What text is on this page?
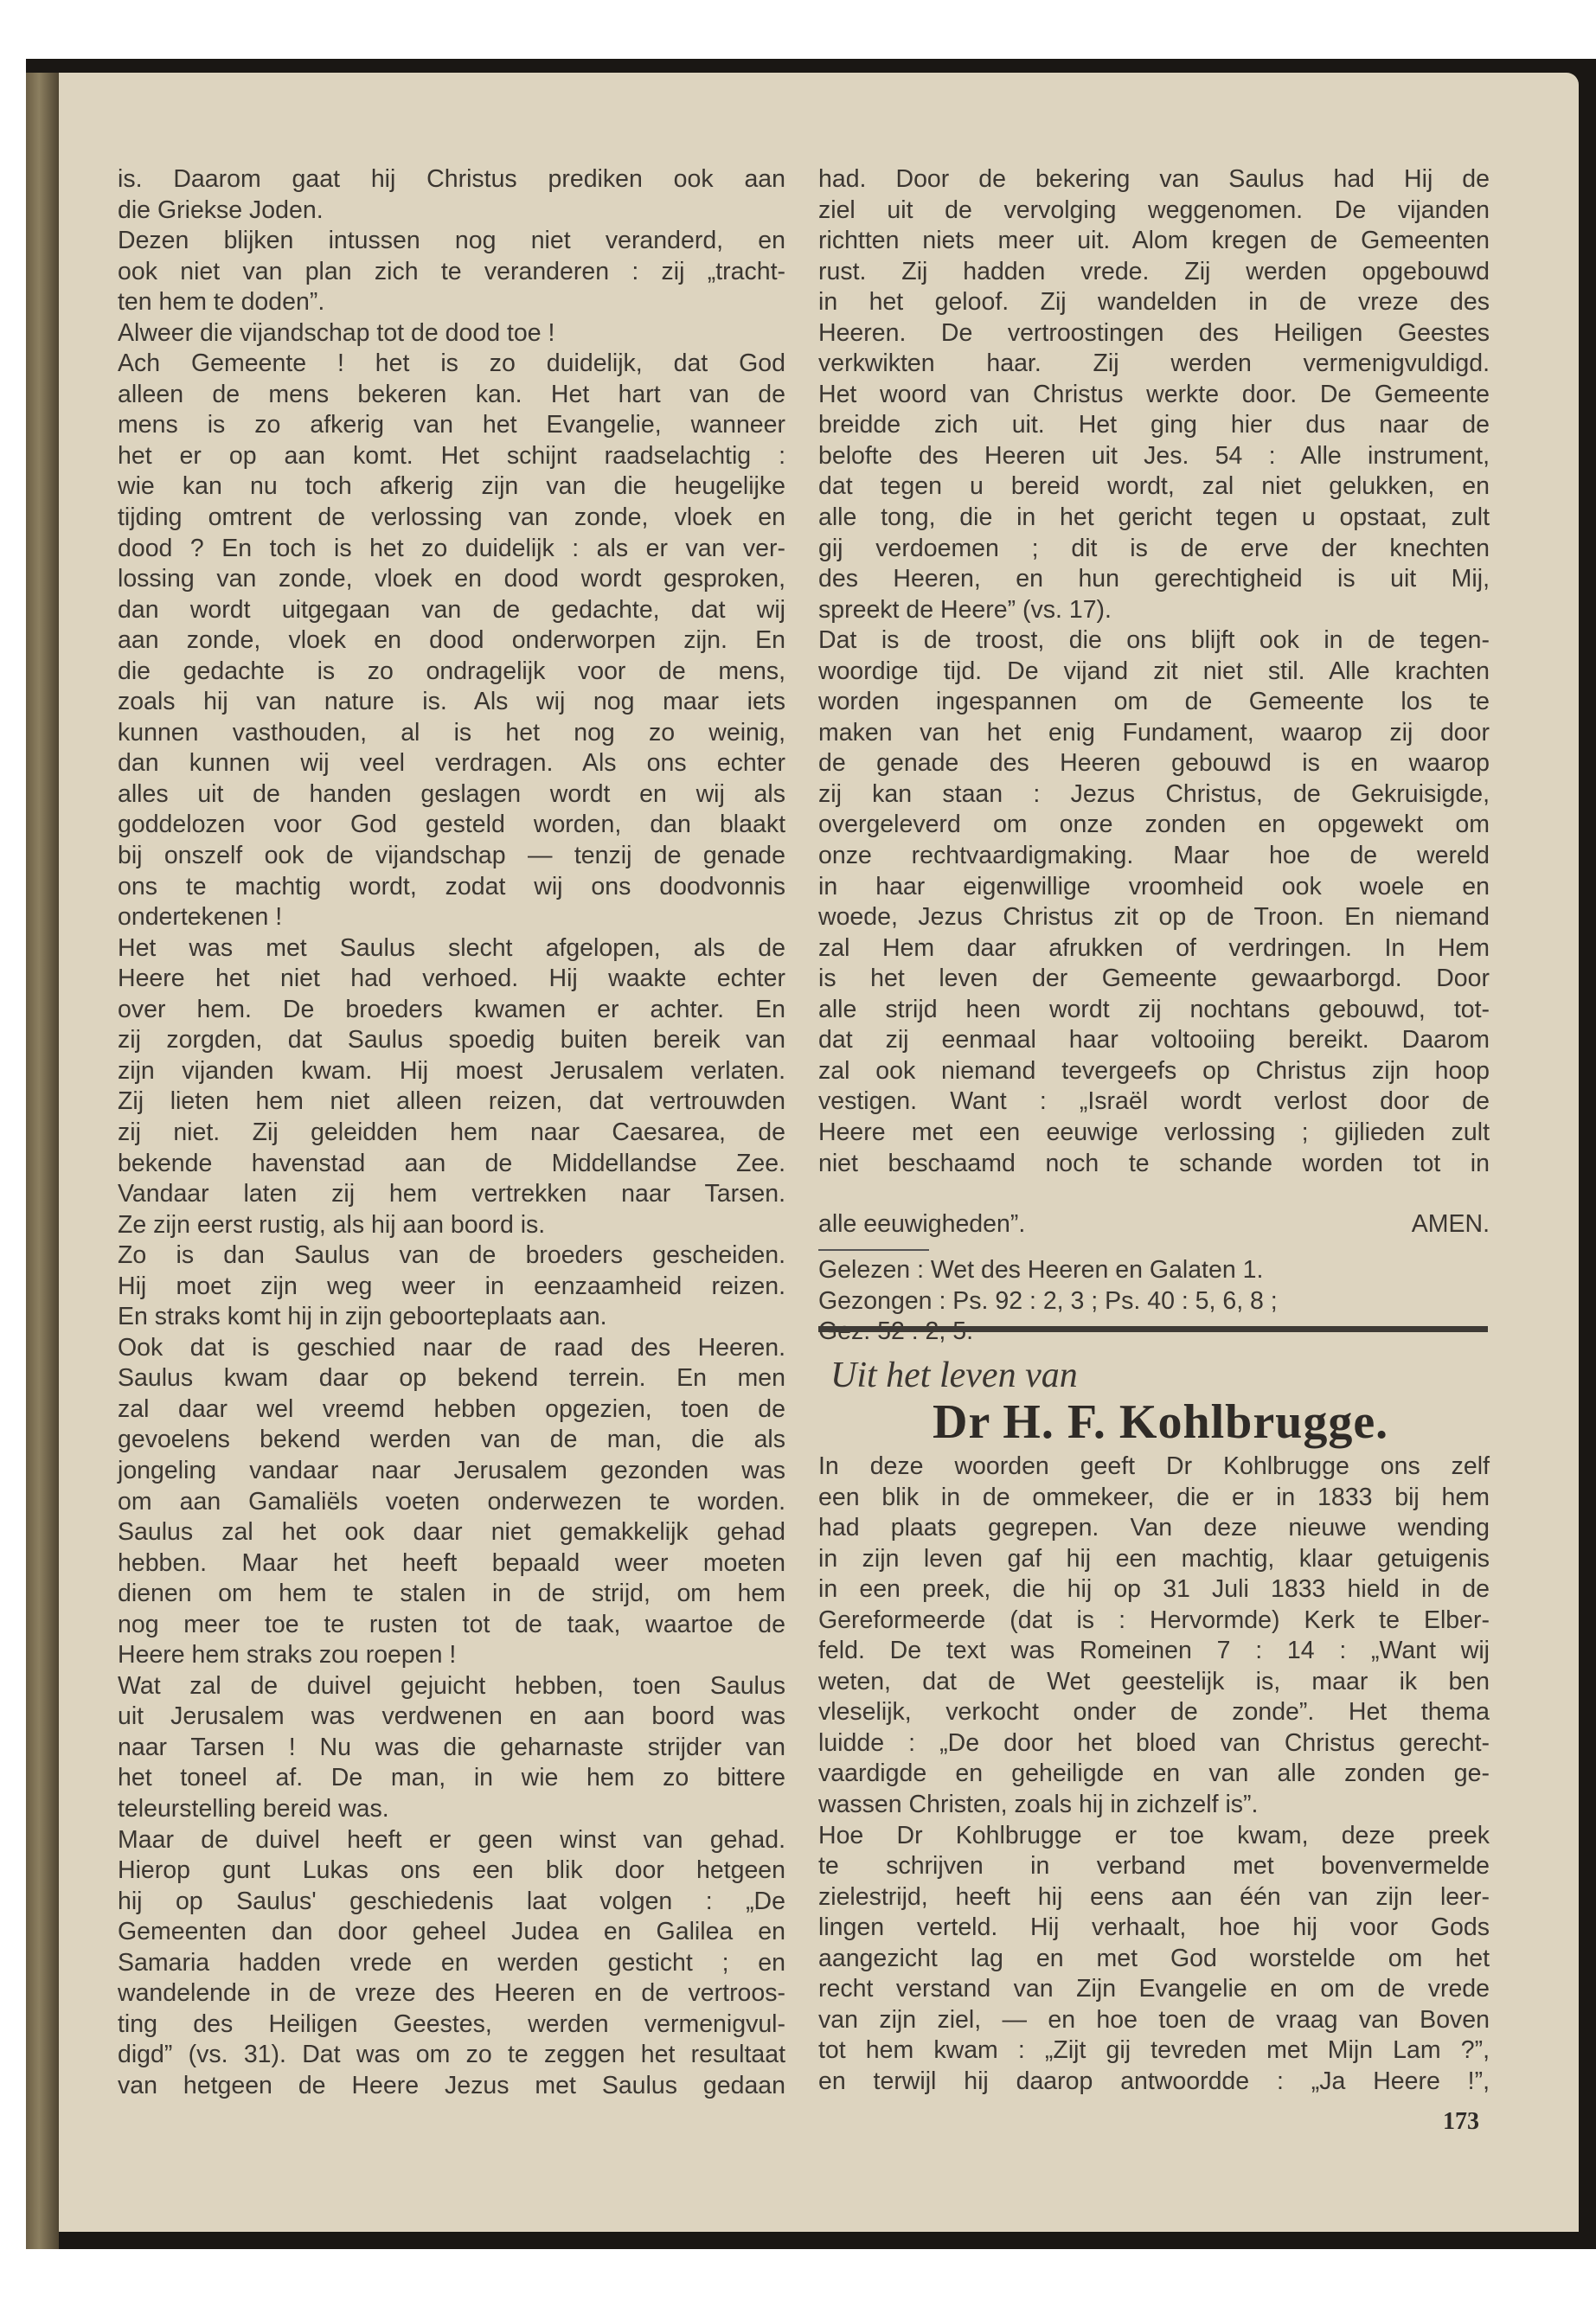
is. Daarom gaat hij Christus prediken ook aan
die Griekse Joden.
Dezen blijken intussen nog niet veranderd, en
ook niet van plan zich te veranderen : zij „tracht-
ten hem te doden”.
Alweer die vijandschap tot de dood toe !
Ach Gemeente ! het is zo duidelijk, dat God
alleen de mens bekeren kan. Het hart van de
mens is zo afkerig van het Evangelie, wanneer
het er op aan komt. Het schijnt raadselachtig :
wie kan nu toch afkerig zijn van die heugelijke
tijding omtrent de verlossing van zonde, vloek en
dood ? En toch is het zo duidelijk : als er van ver-
lossing van zonde, vloek en dood wordt gesproken,
dan wordt uitgegaan van de gedachte, dat wij
aan zonde, vloek en dood onderworpen zijn. En
die gedachte is zo ondragelijk voor de mens,
zoals hij van nature is. Als wij nog maar iets
kunnen vasthouden, al is het nog zo weinig,
dan kunnen wij veel verdragen. Als ons echter
alles uit de handen geslagen wordt en wij als
goddelozen voor God gesteld worden, dan blaakt
bij onszelf ook de vijandschap — tenzij de genade
ons te machtig wordt, zodat wij ons doodvonnis
ondertekenen !
Het was met Saulus slecht afgelopen, als de
Heere het niet had verhoed. Hij waakte echter
over hem. De broeders kwamen er achter. En
zij zorgden, dat Saulus spoedig buiten bereik van
zijn vijanden kwam. Hij moest Jerusalem verlaten.
Zij lieten hem niet alleen reizen, dat vertrouwden
zij niet. Zij geleidden hem naar Caesarea, de
bekende havenstad aan de Middellandse Zee.
Vandaar laten zij hem vertrekken naar Tarsen.
Ze zijn eerst rustig, als hij aan boord is.
Zo is dan Saulus van de broeders gescheiden.
Hij moet zijn weg weer in eenzaamheid reizen.
En straks komt hij in zijn geboorteplaats aan.
Ook dat is geschied naar de raad des Heeren.
Saulus kwam daar op bekend terrein. En men
zal daar wel vreemd hebben opgezien, toen de
gevoelens bekend werden van de man, die als
jongeling vandaar naar Jerusalem gezonden was
om aan Gamaliëls voeten onderwezen te worden.
Saulus zal het ook daar niet gemakkelijk gehad
hebben. Maar het heeft bepaald weer moeten
dienen om hem te stalen in de strijd, om hem
nog meer toe te rusten tot de taak, waartoe de
Heere hem straks zou roepen !
Wat zal de duivel gejuicht hebben, toen Saulus
uit Jerusalem was verdwenen en aan boord was
naar Tarsen ! Nu was die geharnaste strijder van
het toneel af. De man, in wie hem zo bittere
teleurstelling bereid was.
Maar de duivel heeft er geen winst van gehad.
Hierop gunt Lukas ons een blik door hetgeen
hij op Saulus' geschiedenis laat volgen : „De
Gemeenten dan door geheel Judea en Galilea en
Samaria hadden vrede en werden gesticht ; en
wandelende in de vreze des Heeren en de vertroos-
ting des Heiligen Geestes, werden vermenigvul-
digd” (vs. 31). Dat was om zo te zeggen het resultaat
van hetgeen de Heere Jezus met Saulus gedaan
had. Door de bekering van Saulus had Hij de
ziel uit de vervolging weggenomen. De vijanden
richtten niets meer uit. Alom kregen de Gemeenten
rust. Zij hadden vrede. Zij werden opgebouwd
in het geloof. Zij wandelden in de vreze des
Heeren. De vertroostingen des Heiligen Geestes
verkwikten haar. Zij werden vermenigvuldigd.
Het woord van Christus werkte door. De Gemeente
breidde zich uit. Het ging hier dus naar de
belofte des Heeren uit Jes. 54 : Alle instrument,
dat tegen u bereid wordt, zal niet gelukken, en
alle tong, die in het gericht tegen u opstaat, zult
gij verdoemen ; dit is de erve der knechten
des Heeren, en hun gerechtigheid is uit Mij,
spreekt de Heere” (vs. 17).
Dat is de troost, die ons blijft ook in de tegen-
woordige tijd. De vijand zit niet stil. Alle krachten
worden ingespannen om de Gemeente los te
maken van het enig Fundament, waarop zij door
de genade des Heeren gebouwd is en waarop
zij kan staan : Jezus Christus, de Gekruisigde,
overgeleverd om onze zonden en opgewekt om
onze rechtvaardigmaking. Maar hoe de wereld
in haar eigenwillige vroomheid ook woele en
woede, Jezus Christus zit op de Troon. En niemand
zal Hem daar afrukken of verdringen. In Hem
is het leven der Gemeente gewaarborgd. Door
alle strijd heen wordt zij nochtans gebouwd, tot-
dat zij eenmaal haar voltooiing bereikt. Daarom
zal ook niemand tevergeefs op Christus zijn hoop
vestigen. Want : „Israël wordt verlost door de
Heere met een eeuwige verlossing ; gijlieden zult
niet beschaamd noch te schande worden tot in
alle eeuwigheden”.	AMEN.
Gelezen : Wet des Heeren en Galaten 1.
Gezongen : Ps. 92 : 2, 3 ; Ps. 40 : 5, 6, 8 ;
Uit het leven van
Dr H. F. Kohlbrugge.
In deze woorden geeft Dr Kohlbrugge ons zelf
een blik in de ommekeer, die er in 1833 bij hem
had plaats gegrepen. Van deze nieuwe wending
in zijn leven gaf hij een machtig, klaar getuigenis
in een preek, die hij op 31 Juli 1833 hield in de
Gereformeerde (dat is : Hervormde) Kerk te Elber-
feld. De text was Romeinen 7 : 14 : „Want wij
weten, dat de Wet geestelijk is, maar ik ben
vleselijk, verkocht onder de zonde”. Het thema
luidde : „De door het bloed van Christus gerecht-
vaardigde en geheiligde en van alle zonden ge-
wassen Christen, zoals hij in zichzelf is”.
Hoe Dr Kohlbrugge er toe kwam, deze preek
te schrijven in verband met bovenvermelde
zielestrijd, heeft hij eens aan één van zijn leer-
lingen verteld. Hij verhaalt, hoe hij voor Gods
aangezicht lag en met God worstelde om het
recht verstand van Zijn Evangelie en om de vrede
van zijn ziel, — en hoe toen de vraag van Boven
tot hem kwam : „Zijt gij tevreden met Mijn Lam ?”,
en terwijl hij daarop antwoordde : „Ja Heere !”,
173
